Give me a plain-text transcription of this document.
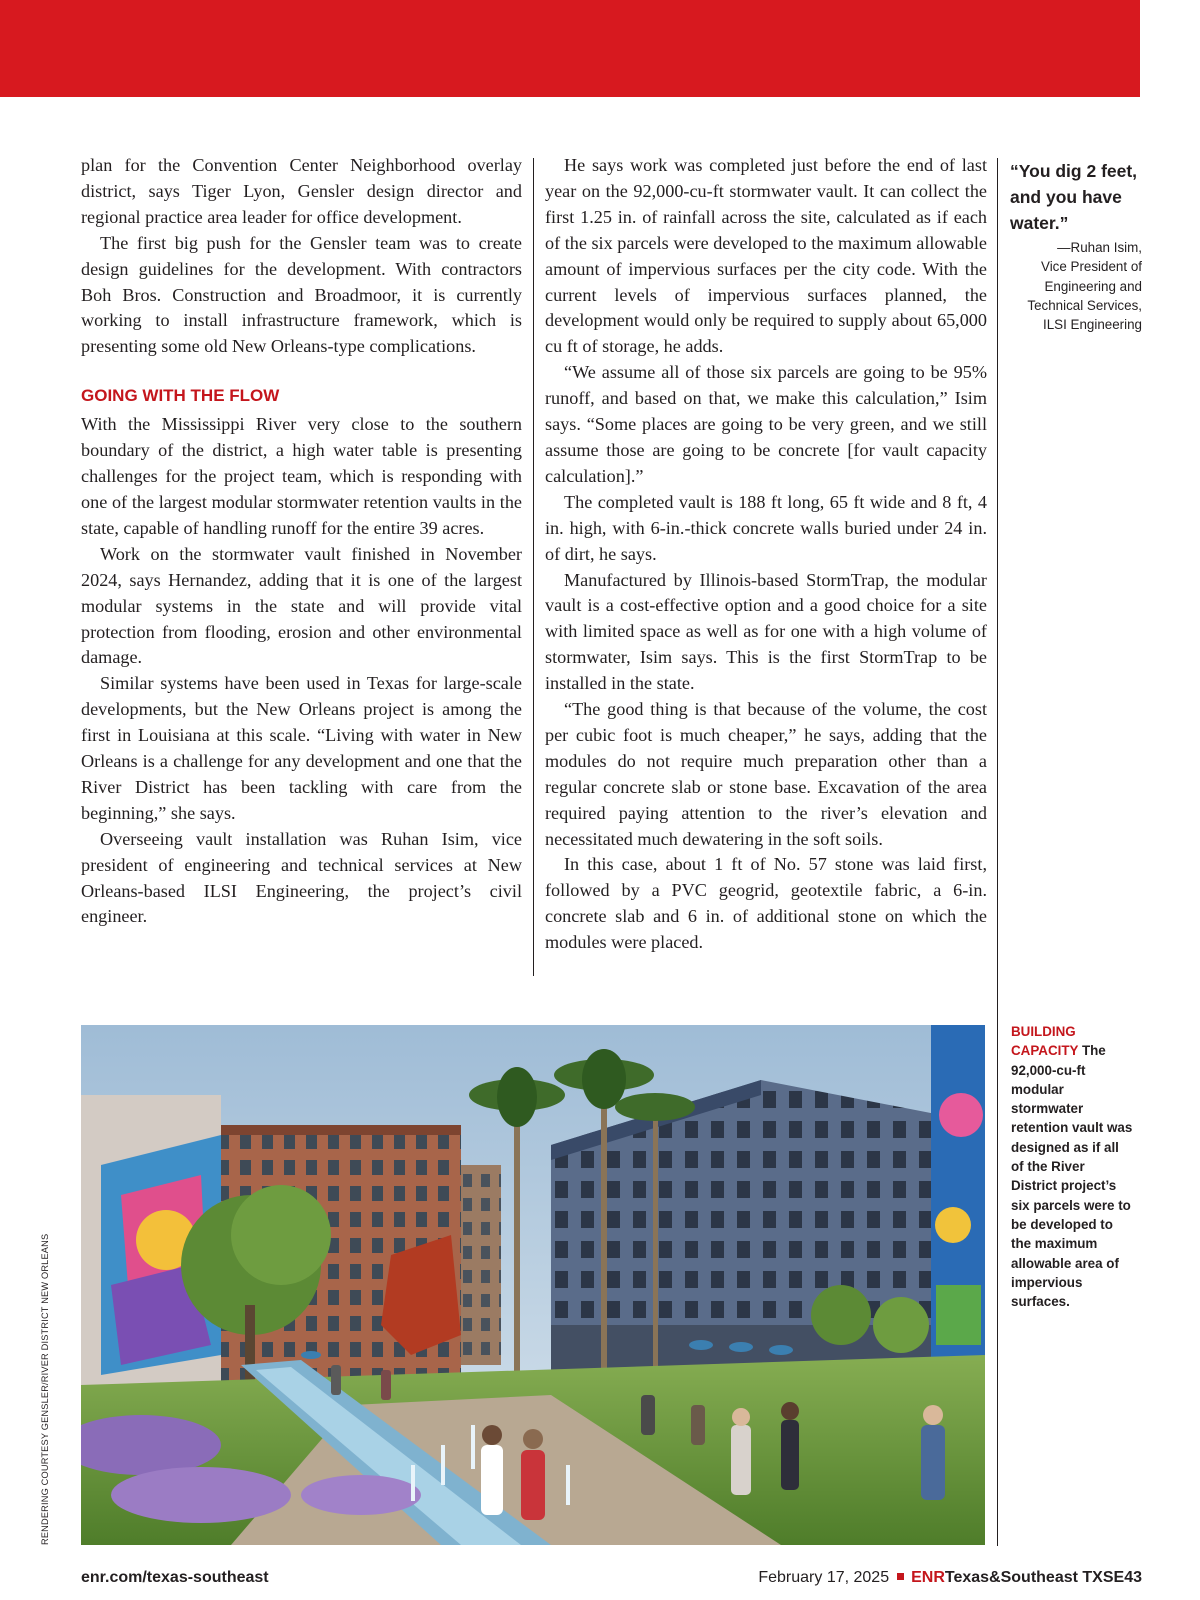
plan for the Convention Center Neighborhood overlay district, says Tiger Lyon, Gensler design director and regional practice area leader for office development.

The first big push for the Gensler team was to create design guidelines for the development. With contractors Boh Bros. Construction and Broadmoor, it is currently working to install infrastructure framework, which is presenting some old New Orleans-type complications.

GOING WITH THE FLOW

With the Mississippi River very close to the southern boundary of the district, a high water table is presenting challenges for the project team, which is responding with one of the largest modular stormwater retention vaults in the state, capable of handling runoff for the entire 39 acres.

Work on the stormwater vault finished in November 2024, says Hernandez, adding that it is one of the largest modular systems in the state and will provide vital protection from flooding, erosion and other environmental damage.

Similar systems have been used in Texas for large-scale developments, but the New Orleans project is among the first in Louisiana at this scale. “Living with water in New Orleans is a challenge for any development and one that the River District has been tackling with care from the beginning,” she says.

Overseeing vault installation was Ruhan Isim, vice president of engineering and technical services at New Orleans-based ILSI Engineering, the project’s civil engineer.

He says work was completed just before the end of last year on the 92,000-cu-ft stormwater vault. It can collect the first 1.25 in. of rainfall across the site, calculated as if each of the six parcels were developed to the maximum allowable amount of impervious surfaces per the city code. With the current levels of impervious surfaces planned, the development would only be required to supply about 65,000 cu ft of storage, he adds.

“We assume all of those six parcels are going to be 95% runoff, and based on that, we make this calculation,” Isim says. “Some places are going to be very green, and we still assume those are going to be concrete [for vault capacity calculation].”

The completed vault is 188 ft long, 65 ft wide and 8 ft, 4 in. high, with 6-in.-thick concrete walls buried under 24 in. of dirt, he says.

Manufactured by Illinois-based StormTrap, the modular vault is a cost-effective option and a good choice for a site with limited space as well as for one with a high volume of stormwater, Isim says. This is the first StormTrap to be installed in the state.

“The good thing is that because of the volume, the cost per cubic foot is much cheaper,” he says, adding that the modules do not require much preparation other than a regular concrete slab or stone base. Excavation of the area required paying attention to the river’s elevation and necessitated much dewatering in the soft soils.

In this case, about 1 ft of No. 57 stone was laid first, followed by a PVC geogrid, geotextile fabric, a 6-in. concrete slab and 6 in. of additional stone on which the modules were placed.

“You dig 2 feet, and you have water.”
—Ruhan Isim,
Vice President of
Engineering and
Technical Services,
ILSI Engineering
BUILDING CAPACITY The 92,000-cu-ft modular stormwater retention vault was designed as if all of the River District project’s six parcels were to be developed to the maximum allowable area of impervious surfaces.
RENDERING COURTESY GENSLER/RIVER DISTRICT NEW ORLEANS
enr.com/texas-southeast	February 17, 2025 ENRTexas&Southeast TXSE43
